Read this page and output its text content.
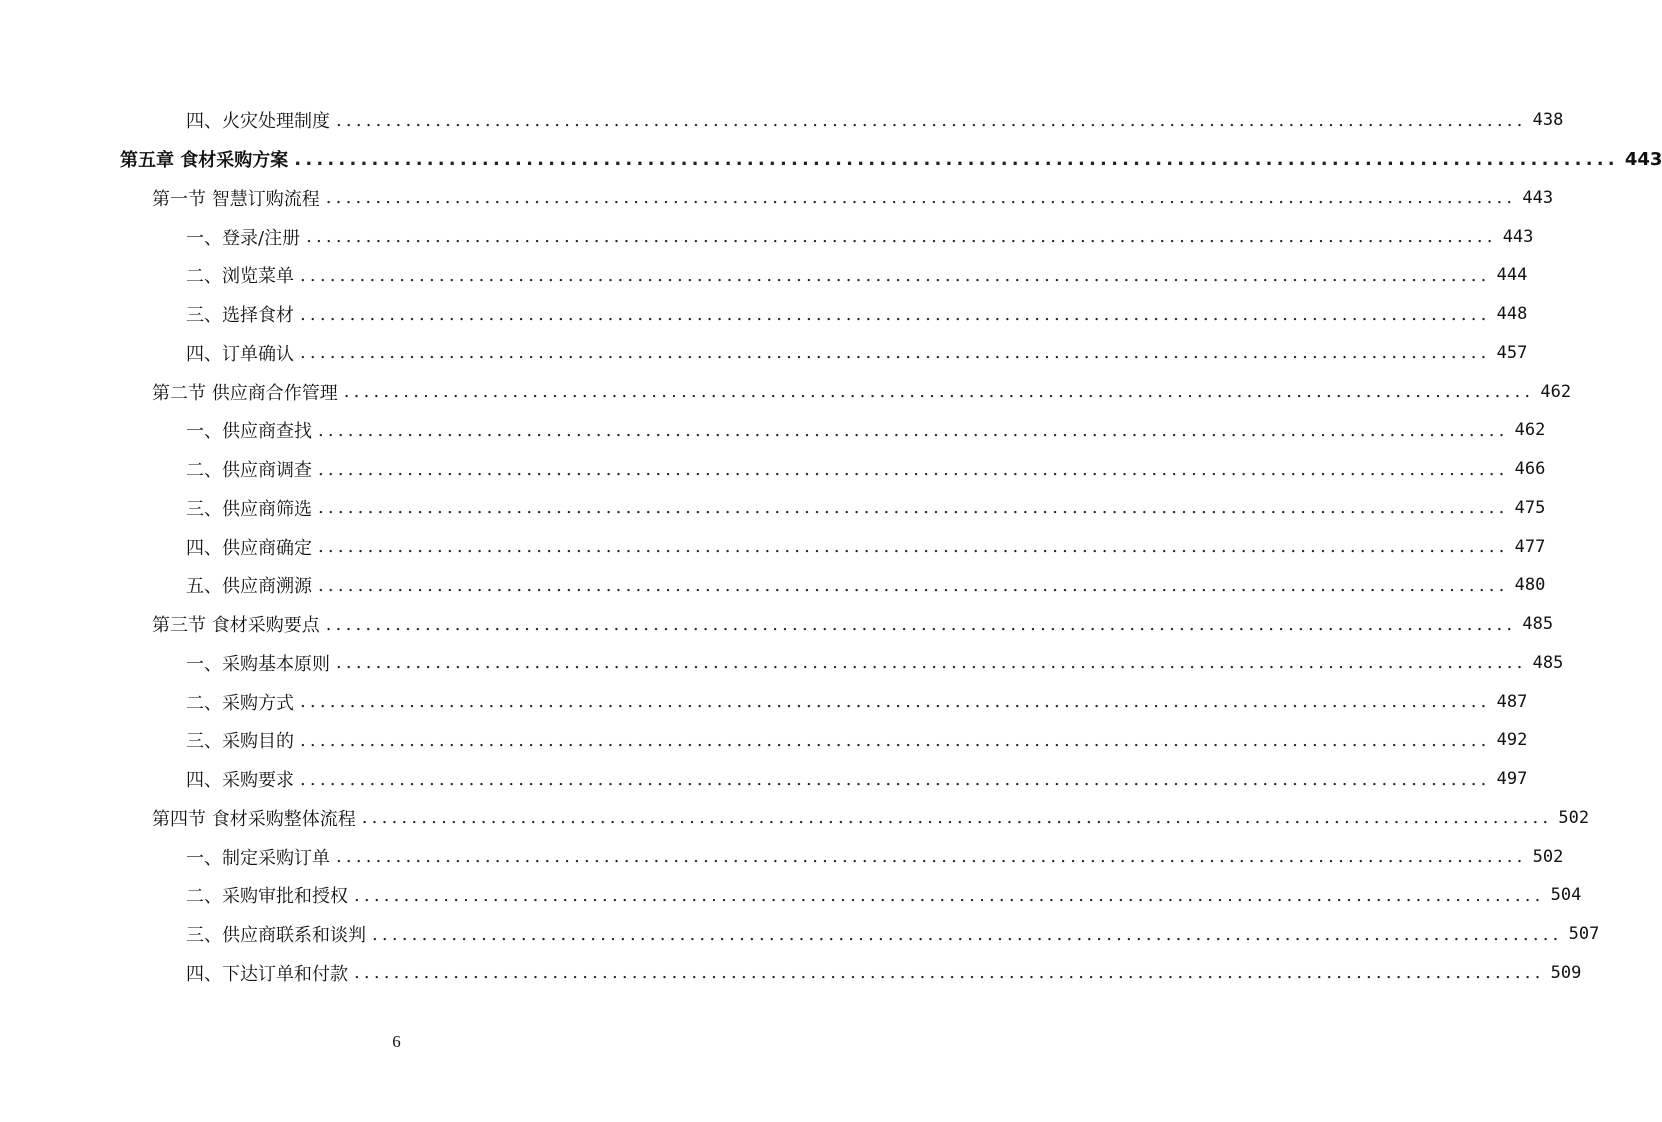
四、火灾处理制度 ........................................................................................................................ 438
第五章 食材采购方案 ........................................................................................................................ 443
第一节 智慧订购流程 ........................................................................................................................ 443
一、登录/注册 ........................................................................................................................ 443
二、浏览菜单 ........................................................................................................................ 444
三、选择食材 ........................................................................................................................ 448
四、订单确认 ........................................................................................................................ 457
第二节 供应商合作管理 ........................................................................................................................ 462
一、供应商查找 ........................................................................................................................ 462
二、供应商调查 ........................................................................................................................ 466
三、供应商筛选 ........................................................................................................................ 475
四、供应商确定 ........................................................................................................................ 477
五、供应商溯源 ........................................................................................................................ 480
第三节 食材采购要点 ........................................................................................................................ 485
一、采购基本原则 ........................................................................................................................ 485
二、采购方式 ........................................................................................................................ 487
三、采购目的 ........................................................................................................................ 492
四、采购要求 ........................................................................................................................ 497
第四节 食材采购整体流程 ........................................................................................................................ 502
一、制定采购订单 ........................................................................................................................ 502
二、采购审批和授权 ........................................................................................................................ 504
三、供应商联系和谈判 ........................................................................................................................ 507
四、下达订单和付款 ........................................................................................................................ 509
6
